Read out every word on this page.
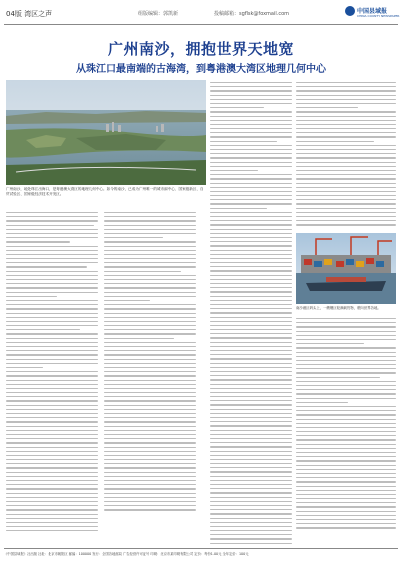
04版 湾区之声	组版编辑：郭凯新	投稿邮箱：sgflsk@foxmail.com	中国县域报
CHINA COUNTY NEWSPAPER
广州南沙，拥抱世界天地宽
从珠江口最南端的古海湾，到粤港澳大湾区地理几何中心
广州南沙，地处珠江出海口，是粤港澳大湾区的地理几何中心。如今的南沙，已成为广州唯一的城市副中心、国家级新区、自贸试验区、国家级经济技术开发区。
南沙港区码头上，一艘艘巨轮满载货物，驶向世界各地。
《中国县域报》社出版 社址：北京市朝阳区 邮编：100000 发行：全国各地邮局 广告经营许可证号 印刷：北京市某印刷有限公司 定价：每份1.00元 全年定价：100元
